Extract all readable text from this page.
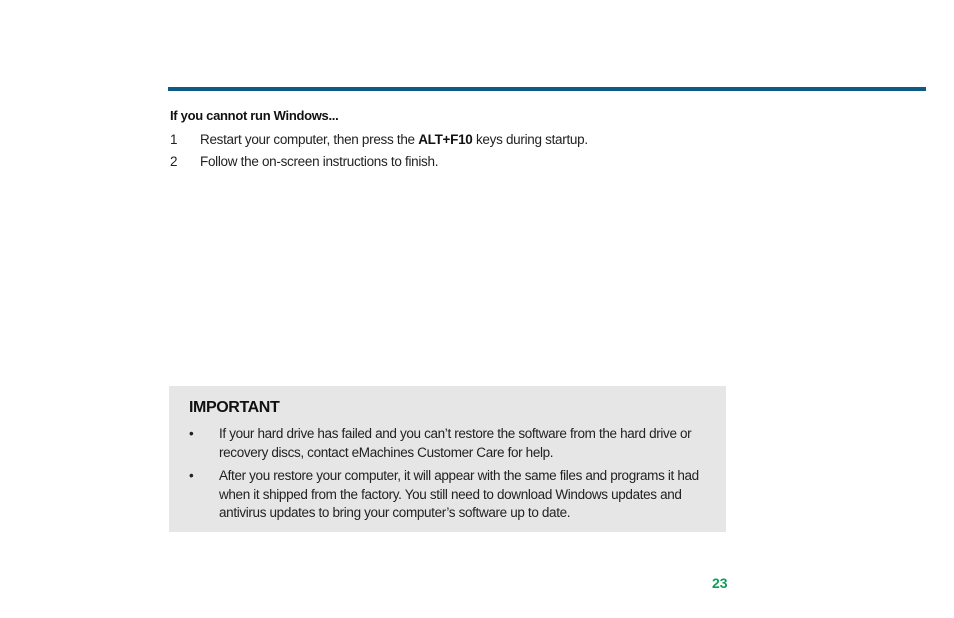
If you cannot run Windows...
1	Restart your computer, then press the ALT+F10 keys during startup.
2	Follow the on-screen instructions to finish.
IMPORTANT
• If your hard drive has failed and you can’t restore the software from the hard drive or recovery discs, contact eMachines Customer Care for help.
• After you restore your computer, it will appear with the same files and programs it had when it shipped from the factory. You still need to download Windows updates and antivirus updates to bring your computer’s software up to date.
23
